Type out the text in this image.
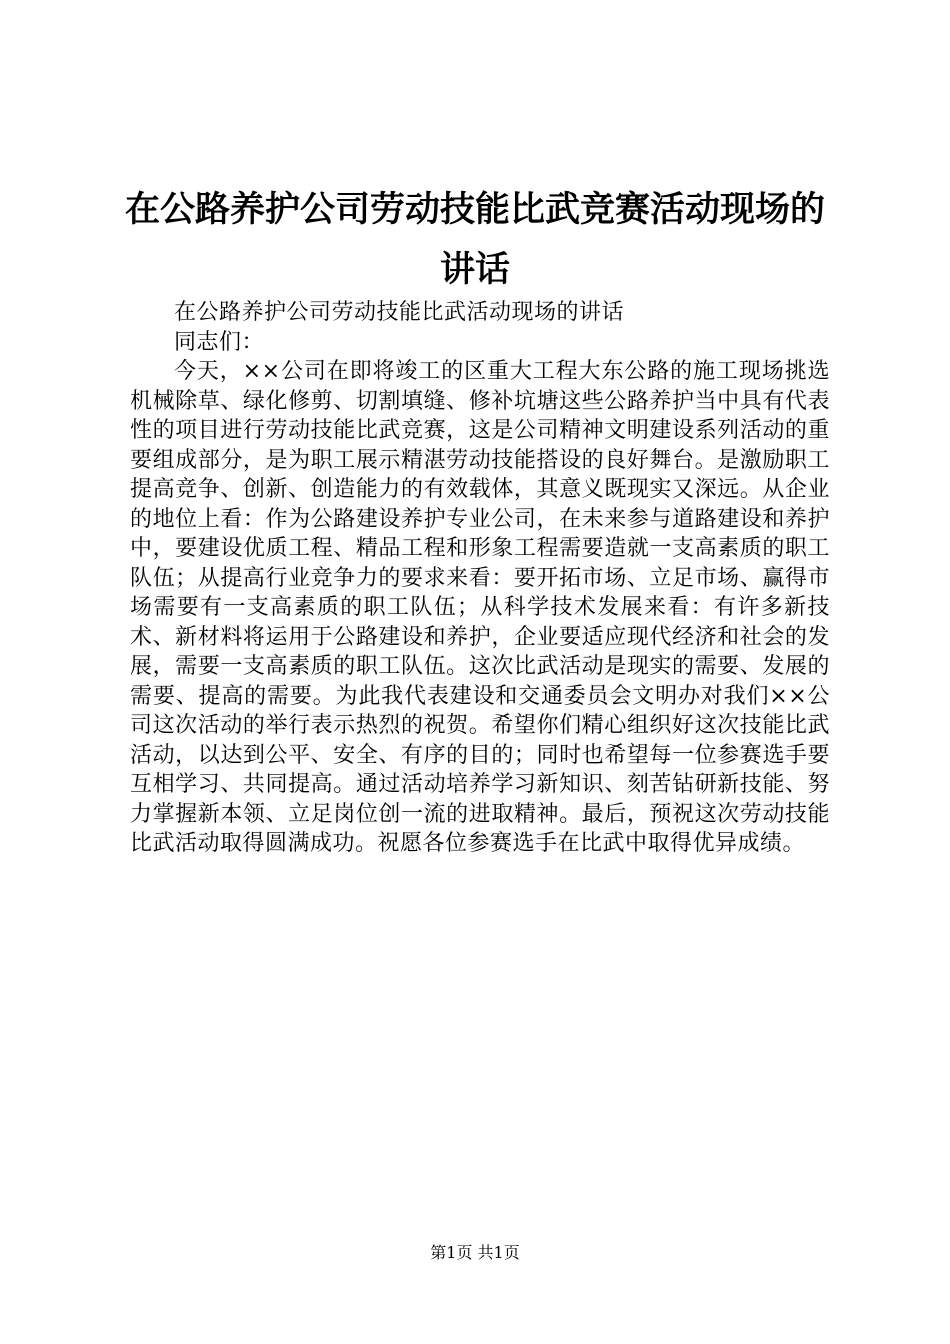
在公路养护公司劳动技能比武竞赛活动现场的
讲话

在公路养护公司劳动技能比武活动现场的讲话

同志们：

今天，××公司在即将竣工的区重大工程大东公路的施工现场挑选机械除草、绿化修剪、切割填缝、修补坑塘这些公路养护当中具有代表性的项目进行劳动技能比武竞赛，这是公司精神文明建设系列活动的重要组成部分，是为职工展示精湛劳动技能搭设的良好舞台。是激励职工提高竞争、创新、创造能力的有效载体，其意义既现实又深远。从企业的地位上看：作为公路建设养护专业公司，在未来参与道路建设和养护中，要建设优质工程、精品工程和形象工程需要造就一支高素质的职工队伍；从提高行业竞争力的要求来看：要开拓市场、立足市场、赢得市场需要有一支高素质的职工队伍；从科学技术发展来看：有许多新技术、新材料将运用于公路建设和养护，企业要适应现代经济和社会的发展，需要一支高素质的职工队伍。这次比武活动是现实的需要、发展的需要、提高的需要。为此我代表建设和交通委员会文明办对我们××公司这次活动的举行表示热烈的祝贺。希望你们精心组织好这次技能比武活动，以达到公平、安全、有序的目的；同时也希望每一位参赛选手要互相学习、共同提高。通过活动培养学习新知识、刻苦钻研新技能、努力掌握新本领、立足岗位创一流的进取精神。最后，预祝这次劳动技能比武活动取得圆满成功。祝愿各位参赛选手在比武中取得优异成绩。

第1页 共1页
